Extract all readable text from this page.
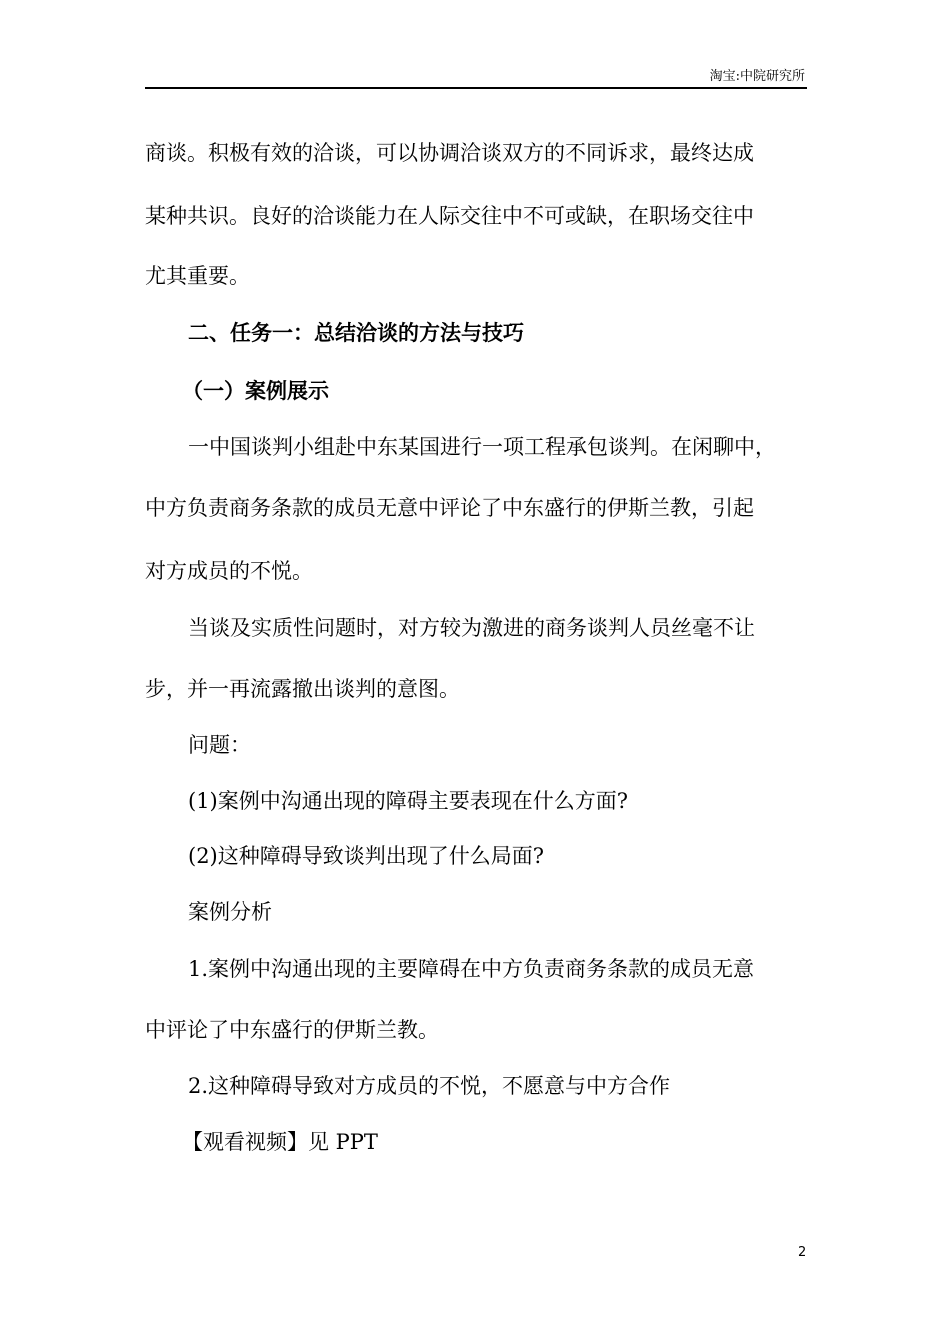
淘宝:中院研究所
商谈。积极有效的洽谈，可以协调洽谈双方的不同诉求，最终达成
某种共识。良好的洽谈能力在人际交往中不可或缺，在职场交往中
尤其重要。
二、任务一：总结洽谈的方法与技巧
（一）案例展示
一中国谈判小组赴中东某国进行一项工程承包谈判。在闲聊中，
中方负责商务条款的成员无意中评论了中东盛行的伊斯兰教，引起
对方成员的不悦。
当谈及实质性问题时，对方较为激进的商务谈判人员丝毫不让
步，并一再流露撤出谈判的意图。
问题：
(1)案例中沟通出现的障碍主要表现在什么方面?
(2)这种障碍导致谈判出现了什么局面?
案例分析
1.案例中沟通出现的主要障碍在中方负责商务条款的成员无意
中评论了中东盛行的伊斯兰教。
2.这种障碍导致对方成员的不悦，不愿意与中方合作
【观看视频】见 PPT
2
